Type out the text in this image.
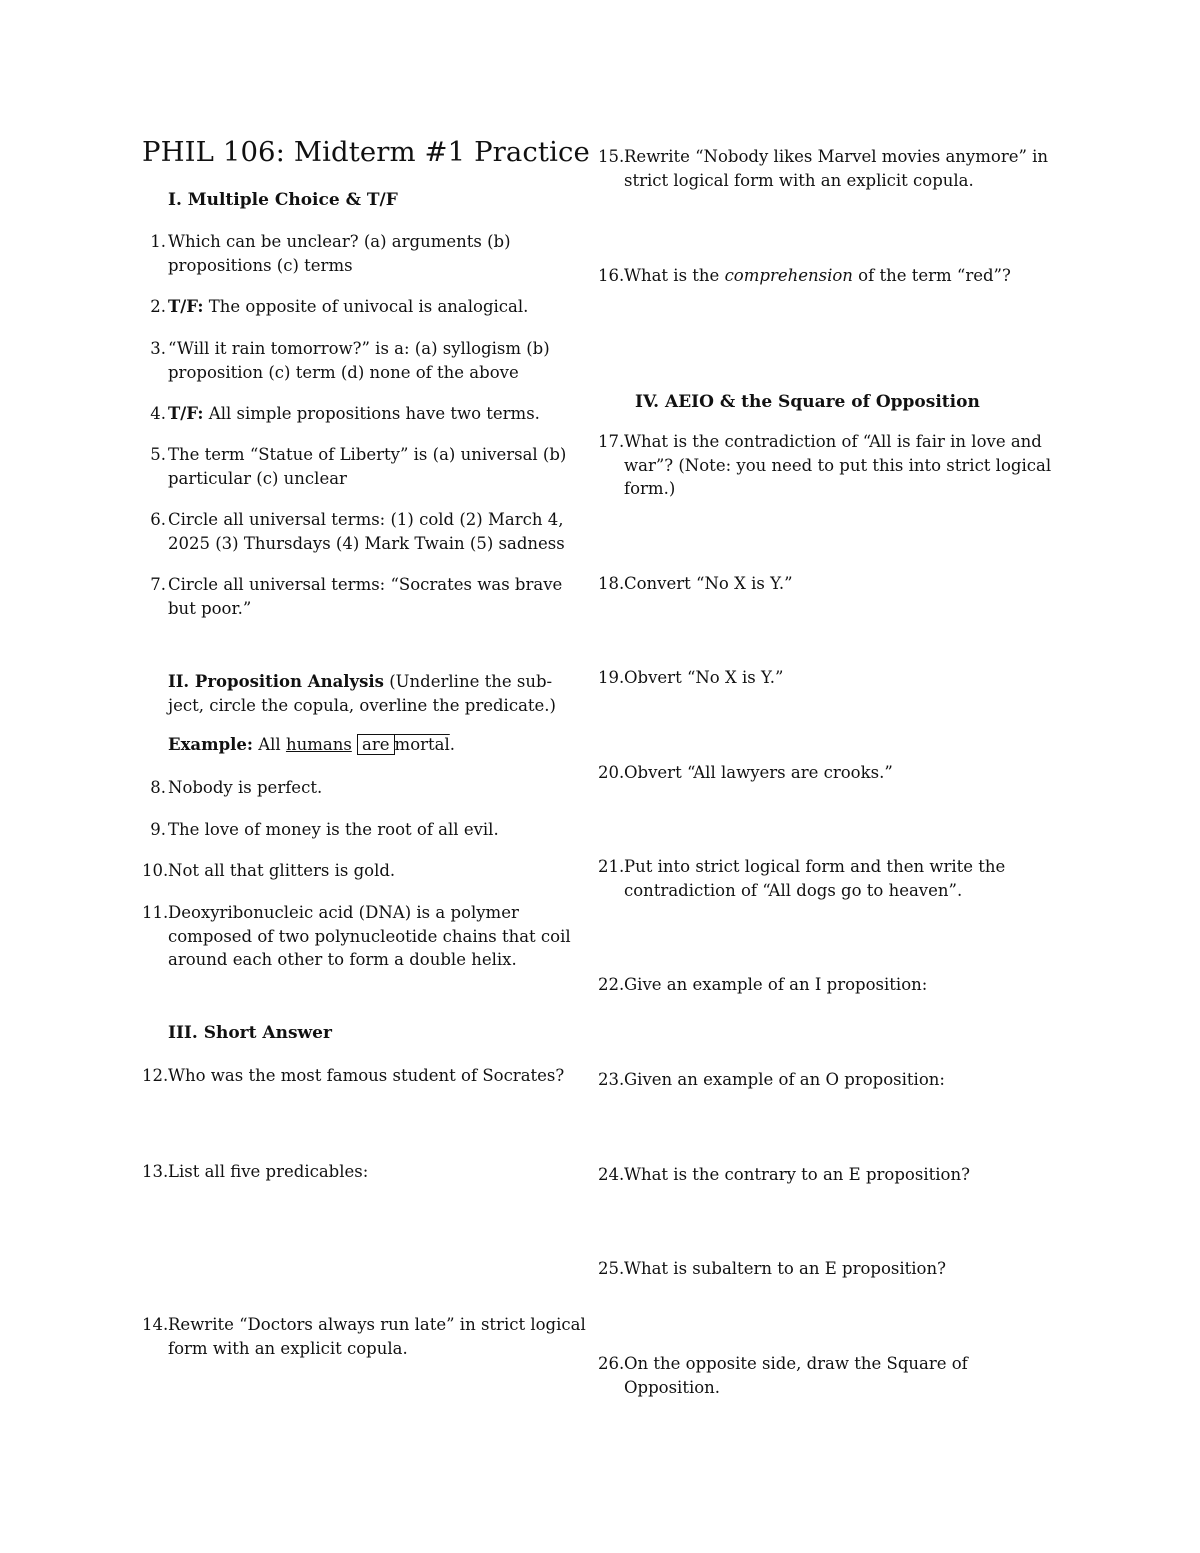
PHIL 106: Midterm #1 Practice
I. Multiple Choice & T/F
1. Which can be unclear? (a) arguments (b) propositions (c) terms
2. T/F: The opposite of univocal is analogical.
3. “Will it rain tomorrow?” is a: (a) syllogism (b) proposition (c) term (d) none of the above
4. T/F: All simple propositions have two terms.
5. The term “Statue of Liberty” is (a) universal (b) particular (c) unclear
6. Circle all universal terms: (1) cold (2) March 4, 2025 (3) Thursdays (4) Mark Twain (5) sadness
7. Circle all universal terms: “Socrates was brave but poor.”
II. Proposition Analysis (Underline the sub-ject, circle the copula, overline the predicate.)
Example: All humans are mortal.
8. Nobody is perfect.
9. The love of money is the root of all evil.
10. Not all that glitters is gold.
11. Deoxyribonucleic acid (DNA) is a polymer composed of two polynucleotide chains that coil around each other to form a double helix.
III. Short Answer
12. Who was the most famous student of Socrates?
13. List all five predicables:
14. Rewrite “Doctors always run late” in strict logical form with an explicit copula.
15. Rewrite “Nobody likes Marvel movies anymore” in strict logical form with an explicit copula.
16. What is the comprehension of the term “red”?
IV. AEIO & the Square of Opposition
17. What is the contradiction of “All is fair in love and war”? (Note: you need to put this into strict logical form.)
18. Convert “No X is Y.”
19. Obvert “No X is Y.”
20. Obvert “All lawyers are crooks.”
21. Put into strict logical form and then write the contradiction of “All dogs go to heaven”.
22. Give an example of an I proposition:
23. Given an example of an O proposition:
24. What is the contrary to an E proposition?
25. What is subaltern to an E proposition?
26. On the opposite side, draw the Square of Opposition.
